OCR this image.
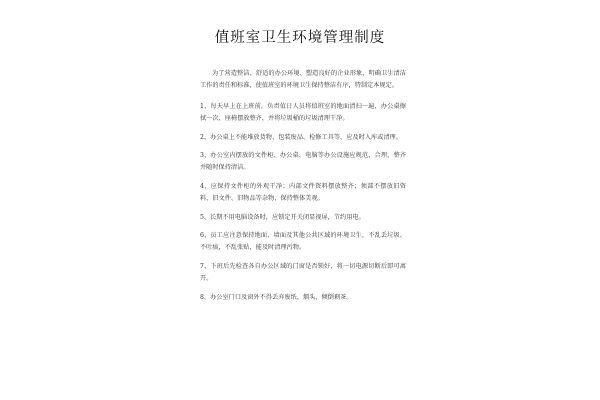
值班室卫生环境管理制度

为了营造整洁、舒适的办公环境、塑造良好的企业形象，明确卫生清洁工作的责任和标准，使值班室的环境卫生保持整洁有序，特制定本规定。

1、每天早上在上班前，负责值日人员将值班室的地面清扫一遍，办公桌擦拭一次、座椅摆放整齐，并将垃圾桶的垃圾清理干净。

2、办公桌上不能堆放货物、包装废品、检修工具等，应及时入库或清理。

3、办公室内摆放的文件柜、办公桌、电脑等办公设施应规范、合理，整齐并随时保持清洁。

4、应保持文件柜的外观干净；内部文件资料摆放整齐；须部不摆放旧资料、旧文件、旧物品等杂物，保持整体美观。

5、长期不用电脑设备时，应锁定开关闭显视屏，节约用电。

6、员工应注意保持地面、墙面及其他公共区域的环境卫生，不乱丢垃圾、不吐痰，不乱张贴，能及时清理污物。

7、下班后先检查各自办公区域的门窗是否锁好，将一切电源切断后即可离开。

8、办公室门口及窗外不得丢弃废纸、烟头、倾倒剩茶。
